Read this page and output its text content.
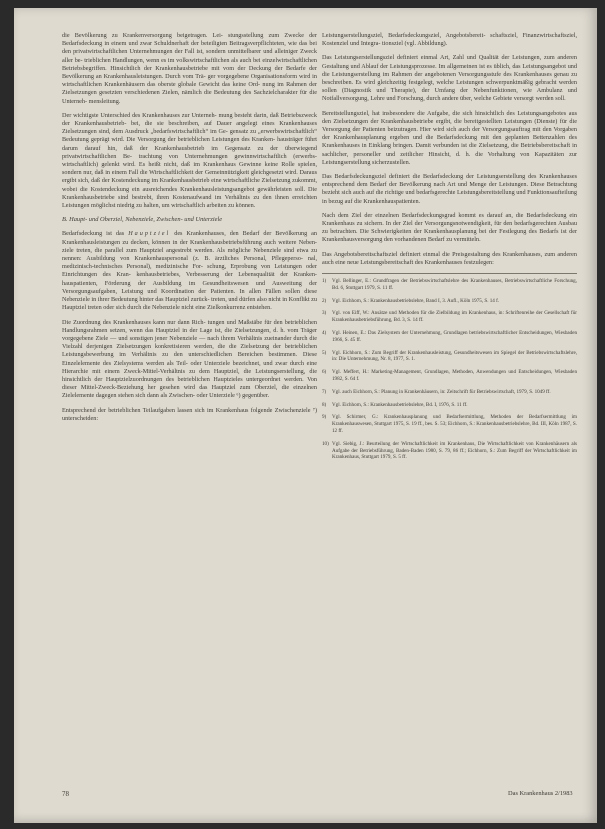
die Bevölkerung zu Krankenversorgung beigetragen. Lei- stungsstellung zum Zwecke der Bedarfsdeckung in einem und zwar Schuldnerhaft der beteiligten Beitragsverpflichteten, wie das bei den privatwirtschaftlichen Unternehmungen der Fall ist, sondern unmittelbarer und alleiniger Zweck aller be- trieblichen Handlungen, wenn es im volkswirtschaftlichen als auch bei einzelwirtschaftlichen Betriebsbegriffen. Hinsichtlich der Krankenhausbetriebe mit vom der Deckung der Bedarfe der Bevölkerung an Krankenhausleistungen. Durch vom Trä- ger vorgegebene Organisationsform wird in wirtschaftlichen Krankenhäusern das oberste globale Gewicht das keine Ord- nung im Rahmen der Zielsetzungen gesetzten verschiedenen Zielen, nämlich die Bedeutung des Sachzielcharakter für die Unterneh- mensleitung.

Der wichtigste Unterschied des Krankenhauses zur Unterneh- mung besteht darin, daß Betriebszweck der Krankenhausbetrieb- bei, die sie beschreiben, auf Dauer angelegt eines Krankenhauses Zielsetzungen sind, dem Ausdruck „bedarfswirtschaftlich“ im Ge- gensatz zu „erwerbswirtschaftlich“ Bedeutung geprägt wird. Die Versorgung der betrieblichen Leistungen des Kranken- hausträger führt darum darauf hin, daß der Krankenhausbetrieb im Gegensatz zu der überwiegend privatwirtschaftlichen Be- trachtung von Unternehmungen gewinnwirtschaftlich (erwerbs- wirtschaftlich) gelenkt wird. Es heißt nicht, daß im Krankenhaus Gewinne keine Rolle spielen, sondern nur, daß in einem Fall die Wirtschaftlichkeit der Gemeinnützigkeit gleichgesetzt wird. Daraus ergibt sich, daß der Kostendeckung im Krankenhausbetrieb eine wirtschaftliche Zielsetzung zukommt, wobei die Kostendeckung ein ausreichendes Krankenhausleistungsangebot gewährleisten soll. Die Krankenhausbetriebe sind bestrebt, ihren Kostenaufwand im Verhältnis zu den ihnen erreichten Leistungen möglichst niedrig zu halten, um wirtschaftlich arbeiten zu können.

B. Haupt- und Oberziel, Nebenziele, Zwischen- und Unterziele

Bedarfsdeckung ist das Hauptziel des Krankenhauses, den Bedarf der Bevölkerung an Krankenhausleistungen zu decken, können in der Krankenhausbetriebsführung auch weitere Neben- ziele treten, die parallel zum Hauptziel angestrebt werden. Als mögliche Nebenziele sind etwa zu nennen: Ausbildung von Krankenhauspersonal (z. B. ärztliches Personal, Pflegeperso- nal, medizinisch-technisches Personal), medizinische For- schung, Erprobung von Leistungen oder Einrichtungen des Kran- kenhausbetriebes, Verbesserung der Lebensqualität der Kranken- hauspatienten, Förderung der Ausbildung im Gesundheitswesen und Ausweitung der Versorgungsaufgaben, Leistung und Koordination der Patienten. In allen Fällen sollen diese Nebenziele in ihrer Bedeutung hinter das Hauptziel zurück- treten, und dürfen also nicht in Konflikt zu Hauptziel treten oder sich durch die Nebenziele nicht eine Zielkonkurrenz entstehen.

Die Zuordnung des Krankenhauses kann nur dann Rich- tungen und Maßstäbe für den betrieblichen Handlungsrahmen setzen, wenn das Hauptziel in der Lage ist, die Zielsetzungen, d. h. vom Träger vorgegebene Ziele — und sonstigen jener Nebenziele — nach ihrem Verhältnis zueinander durch die Vielzahl derjenigen Zielsetzungen konkretisieren werden, die die Zielsetzung der betrieblichen Leistungsbewerbung im Verhältnis zu den unterschiedlichen Bereichen bestimmen. Diese Einzelelemente des Zielsystems werden als Teil- oder Unterziele bezeichnet, und zwar durch eine Hierarchie mit einem Zweck-Mittel-Verhältnis zu dem Hauptziel, die Leistungserstellung, die hinsichtlich der Hauptzielzuordnungen des betrieblichen Hauptzieles untergeordnet werden. Von dieser Mittel-Zweck-Beziehung her gesehen wird das Hauptziel zum Oberziel, die einzelnen Zielelemente dagegen stehen sich dann als Zwischen- oder Unterziele ⁶) gegenüber.

Entsprechend der betrieblichen Teilaufgaben lassen sich im Krankenhaus folgende Zwischenziele ⁷) unterscheiden:

Leistungserstellungsziel, Bedarfsdeckungsziel, Angebotsbereit- schaftsziel, Finanzwirtschaftsziel, Kostenziel und Integra- tionsziel (vgl. Abbildung).

Das Leistungserstellungsziel definiert einmal Art, Zahl und Qualität der Leistungen, zum anderen Gestaltung und Ablauf der Leistungsprozesse. Im allgemeinen ist es üblich, das Leistungsangebot und die Leistungserstellung im Rahmen der angebotenen Versorgungsstufe des Krankenhauses genau zu beschreiben. Es wird gleichzeitig festgelegt, welche Leistungen schwerpunktmäßig gebracht werden sollen (Diagnostik und Therapie), der Umfang der Nebenfunktionen, wie Ambulanz und Notfallversorgung, Lehre und Forschung, durch andere über, welche Gebiete versorgt werden soll.

Bereitstellungsziel, hat insbesondere die Aufgabe, die sich hinsichtlich des Leistungsangebotes aus den Zielsetzungen der Krankenhausbetriebe ergibt, die bereitgestellten Leistungen (Dienste) für die Versorgung der Patienten beizutragen. Hier wird sich auch der Versorgungsauftrag mit den Vorgaben der Krankenhausplanung ergeben und die Bedarfsdeckung mit den geplanten Bettenzahlen des Krankenhauses in Einklang bringen. Damit verbunden ist die Zielsetzung, die Betriebsbereitschaft in sachlicher, personeller und zeitlicher Hinsicht, d. h. die Vorhaltung von Kapazitäten zur Leistungserstellung sicherzustellen.

Das Bedarfsdeckungsziel definiert die Bedarfsdeckung der Leistungserstellung des Krankenhauses entsprechend dem Bedarf der Bevölkerung nach Art und Menge der Leistungen. Diese Betrachtung bezieht sich auch auf die richtige und bedarfsgerechte Leistungsbereitstellung und Funktionsaufteilung in bezug auf die Krankenhauspatienten.

Nach dem Ziel der einzelnen Bedarfsdeckungsgrad kommt es darauf an, die Bedarfsdeckung ein Krankenhaus zu sichern. In der Ziel der Versorgungsnotwendigkeit, für den bedarfsgerechten Ausbau zu betrachten. Die Schwierigkeiten der Krankenhausplanung bei der Festlegung des Bedarfs ist der Krankenhausversorgung den vorhandenen Bedarf zu vermitteln.

Das Angebotsbereitschaftsziel definiert einmal die Preisgestaltung des Krankenhauses, zum anderen auch eine neue Leistungsbereitschaft des Krankenhauses festzulegen:

1) Vgl. Bellinger, E.: Grundfragen der Betriebswirtschaftslehre des Krankenhauses, Betriebswirtschaftliche Forschung, Bd. 6, Stuttgart 1979, S. 11 ff.

2) Vgl. Eichhorn, S.: Krankenhausbetriebslehre, Band I, 3. Aufl., Köln 1975, S. 14 f.

3) Vgl. von Eiff, W.: Ansätze und Methoden für die Zielbildung im Krankenhaus, in: Schriftenreihe der Gesellschaft für Krankenhausbetriebsführung, Bd. 3, S. 14 ff.

4) Vgl. Heinen, E.: Das Zielsystem der Unternehmung, Grundlagen betriebswirtschaftlicher Entscheidungen, Wiesbaden 1966, S. 45 ff.

5) Vgl. Eichhorn, S.: Zum Begriff der Krankenhausleistung, Gesundheitswesen im Spiegel der Betriebswirtschaftslehre, in: Die Unternehmung, Nr. 8, 1977, S. 1.

6) Vgl. Meffert, H.: Marketing-Management, Grundlagen, Methoden, Anwendungen und Entscheidungen, Wiesbaden 1982, S. 64 f.

7) Vgl. auch Eichhorn, S.: Planung in Krankenhäusern, in: Zeitschrift für Betriebswirtschaft, 1979, S. 1049 ff.

8) Vgl. Eichhorn, S.: Krankenhausbetriebslehre, Bd. I, 1976, S. 11 ff.

9) Vgl. Schirmer, G.: Krankenhausplanung und Bedarfsermittlung, Methoden der Bedarfsermittlung im Krankenhauswesen, Stuttgart 1975, S. 19 ff., bes. S. 53; Eichhorn, S.: Krankenhausbetriebslehre, Bd. III, Köln 1987, S. 12 ff.

10) Vgl. Siebig, J.: Beurteilung der Wirtschaftlichkeit im Krankenhaus, Die Wirtschaftlichkeit von Krankenhäusern als Aufgabe der Betriebsführung, Baden-Baden 1980, S. 79, 86 ff.; Eichhorn, S.: Zum Begriff der Wirtschaftlichkeit im Krankenhaus, Stuttgart 1979, S. 5 ff.

78	Das Krankenhaus 2/1983
